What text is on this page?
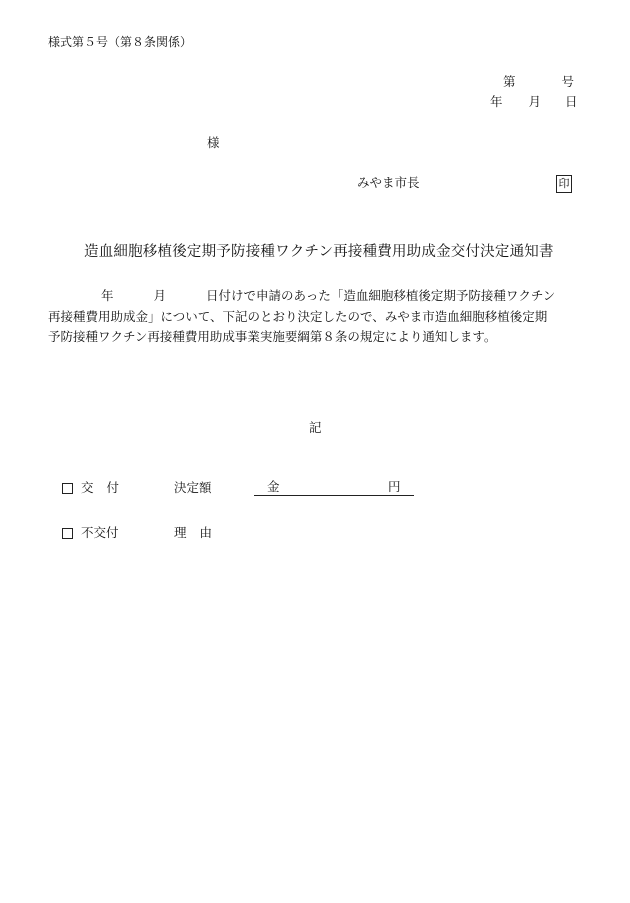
様式第５号（第８条関係）
第	号
年 月 日
様
みやま市長	印
造血細胞移植後定期予防接種ワクチン再接種費用助成金交付決定通知書
年	月	日付けで申請のあった「造血細胞移植後定期予防接種ワクチン
再接種費用助成金」について、下記のとおり決定したので、みやま市造血細胞移植後定期
予防接種ワクチン再接種費用助成事業実施要綱第８条の規定により通知します。
記
交 付	決定額	金	円
不交付	理 由
